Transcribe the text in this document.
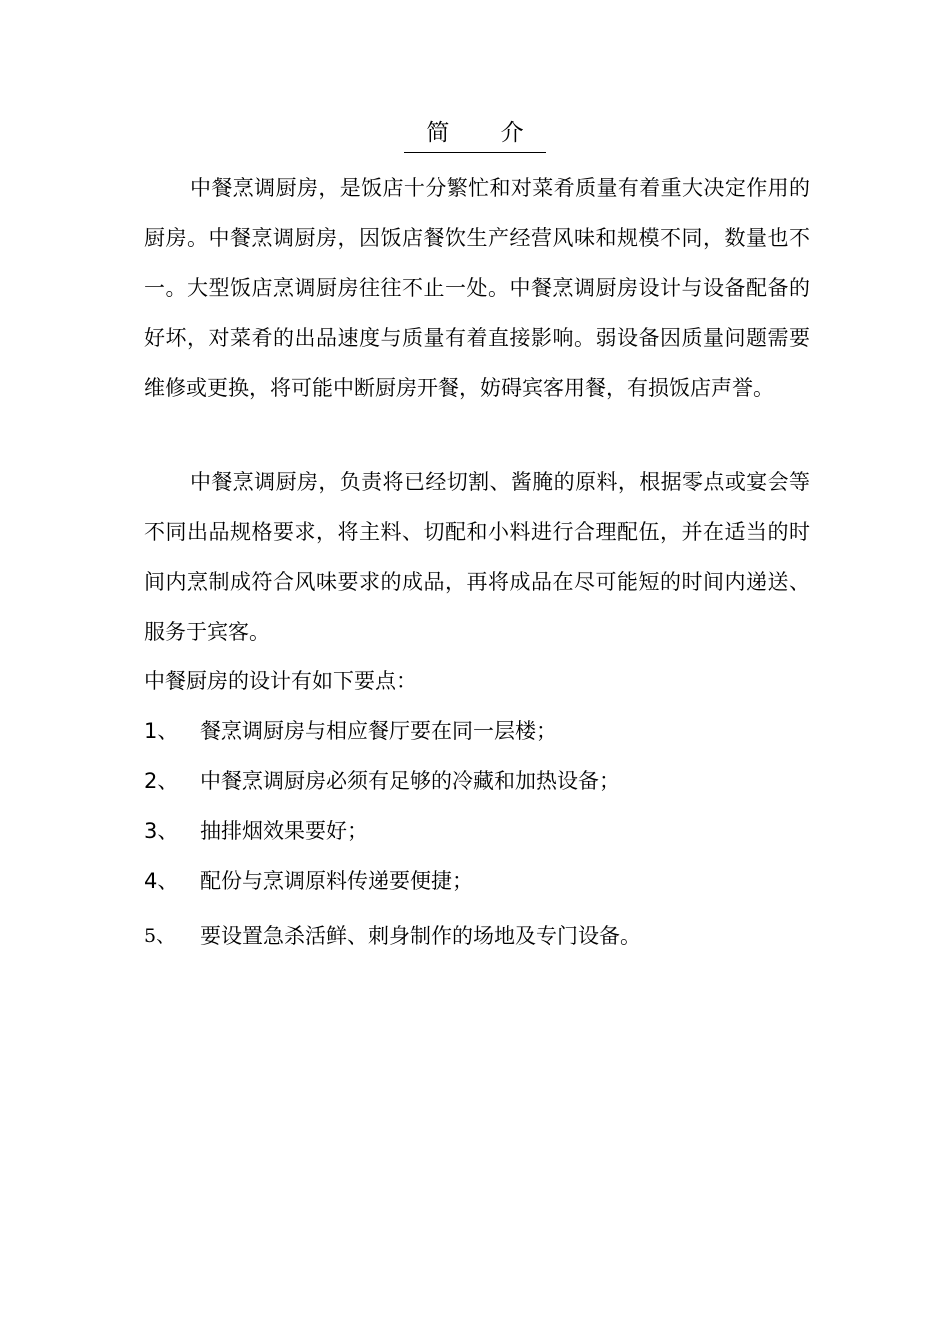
简 介

中餐烹调厨房，是饭店十分繁忙和对菜肴质量有着重大决定作用的厨房。中餐烹调厨房，因饭店餐饮生产经营风味和规模不同，数量也不一。大型饭店烹调厨房往往不止一处。中餐烹调厨房设计与设备配备的好坏，对菜肴的出品速度与质量有着直接影响。弱设备因质量问题需要维修或更换，将可能中断厨房开餐，妨碍宾客用餐，有损饭店声誉。

中餐烹调厨房，负责将已经切割、酱腌的原料，根据零点或宴会等不同出品规格要求，将主料、切配和小料进行合理配伍，并在适当的时间内烹制成符合风味要求的成品，再将成品在尽可能短的时间内递送、服务于宾客。

中餐厨房的设计有如下要点：

1、	餐烹调厨房与相应餐厅要在同一层楼；
2、	中餐烹调厨房必须有足够的冷藏和加热设备；
3、	抽排烟效果要好；
4、	配份与烹调原料传递要便捷；
5、	要设置急杀活鲜、刺身制作的场地及专门设备。
